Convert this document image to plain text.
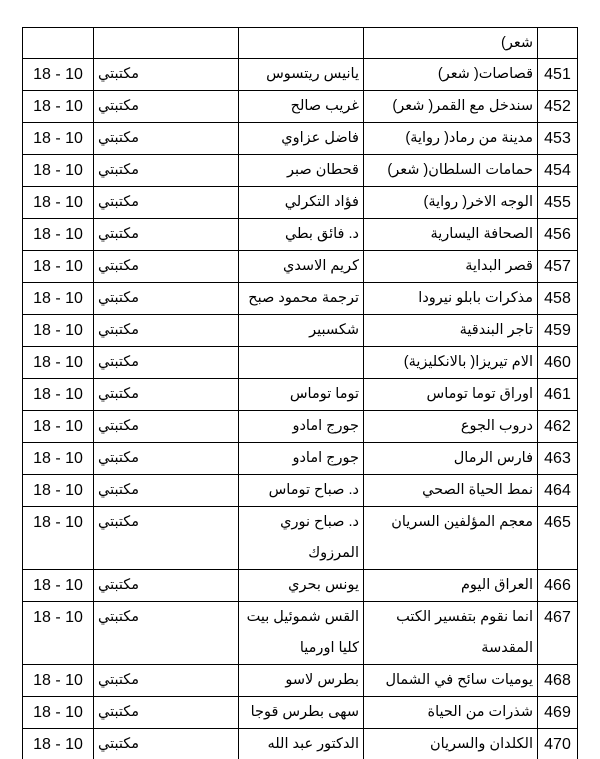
	شعر)			
451	قصاصات( شعر)	يانيس ريتسوس	مكتبتي	18 - 10
452	سندخل مع القمر( شعر)	غريب صالح	مكتبتي	18 - 10
453	مدينة من رماد( رواية)	فاضل عزاوي	مكتبتي	18 - 10
454	حمامات السلطان( شعر)	قحطان صبر	مكتبتي	18 - 10
455	الوجه الاخر( رواية)	فؤاد التكرلي	مكتبتي	18 - 10
456	الصحافة اليسارية	د. فائق بطي	مكتبتي	18 - 10
457	قصر البداية	كريم الاسدي	مكتبتي	18 - 10
458	مذكرات بابلو نيرودا	ترجمة محمود صبح	مكتبتي	18 - 10
459	تاجر البندقية	شكسبير	مكتبتي	18 - 10
460	الام تيريزا( بالانكليزية)		مكتبتي	18 - 10
461	اوراق توما توماس	توما توماس	مكتبتي	18 - 10
462	دروب الجوع	جورج امادو	مكتبتي	18 - 10
463	فارس الرمال	جورج امادو	مكتبتي	18 - 10
464	نمط الحياة الصحي	د. صباح توماس	مكتبتي	18 - 10
465	معجم المؤلفين السريان	د. صباح نوري
المرزوك	مكتبتي	18 - 10
466	العراق اليوم	يونس بحري	مكتبتي	18 - 10
467	انما نقوم بتفسير الكتب
المقدسة	القس شموئيل بيت
كليا اورميا	مكتبتي	18 - 10
468	يوميات سائح في الشمال	بطرس لاسو	مكتبتي	18 - 10
469	شذرات من الحياة	سهى بطرس قوجا	مكتبتي	18 - 10
470	الكلدان والسريان	الدكتور عبد الله	مكتبتي	18 - 10
